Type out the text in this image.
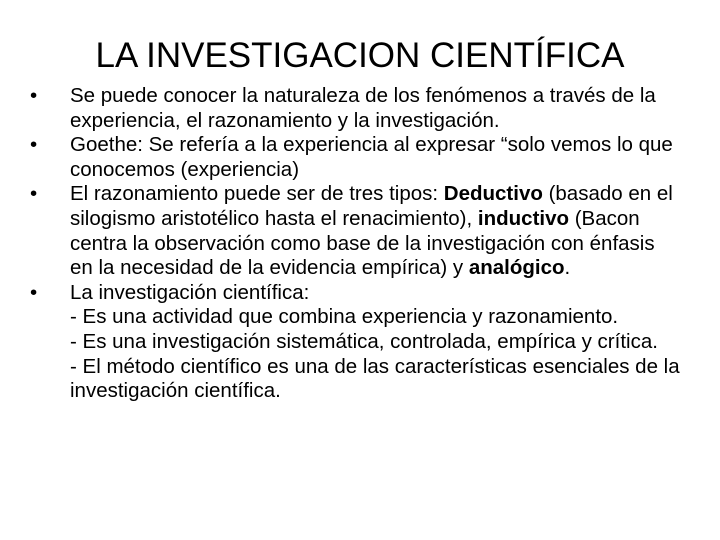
LA INVESTIGACION CIENTÍFICA
•	Se puede conocer la naturaleza de los fenómenos a través de la experiencia, el razonamiento y la investigación.
•	Goethe: Se refería a la experiencia al expresar “solo vemos lo que conocemos (experiencia)
•	El razonamiento puede ser de tres tipos: Deductivo (basado en el silogismo aristotélico hasta el renacimiento), inductivo (Bacon centra la observación como base de la investigación con énfasis en la necesidad de la evidencia empírica) y analógico.
•	La investigación científica:
- Es una actividad que combina experiencia y razonamiento.
- Es una investigación sistemática, controlada, empírica y crítica.
- El método científico es una de las características esenciales de la investigación científica.
